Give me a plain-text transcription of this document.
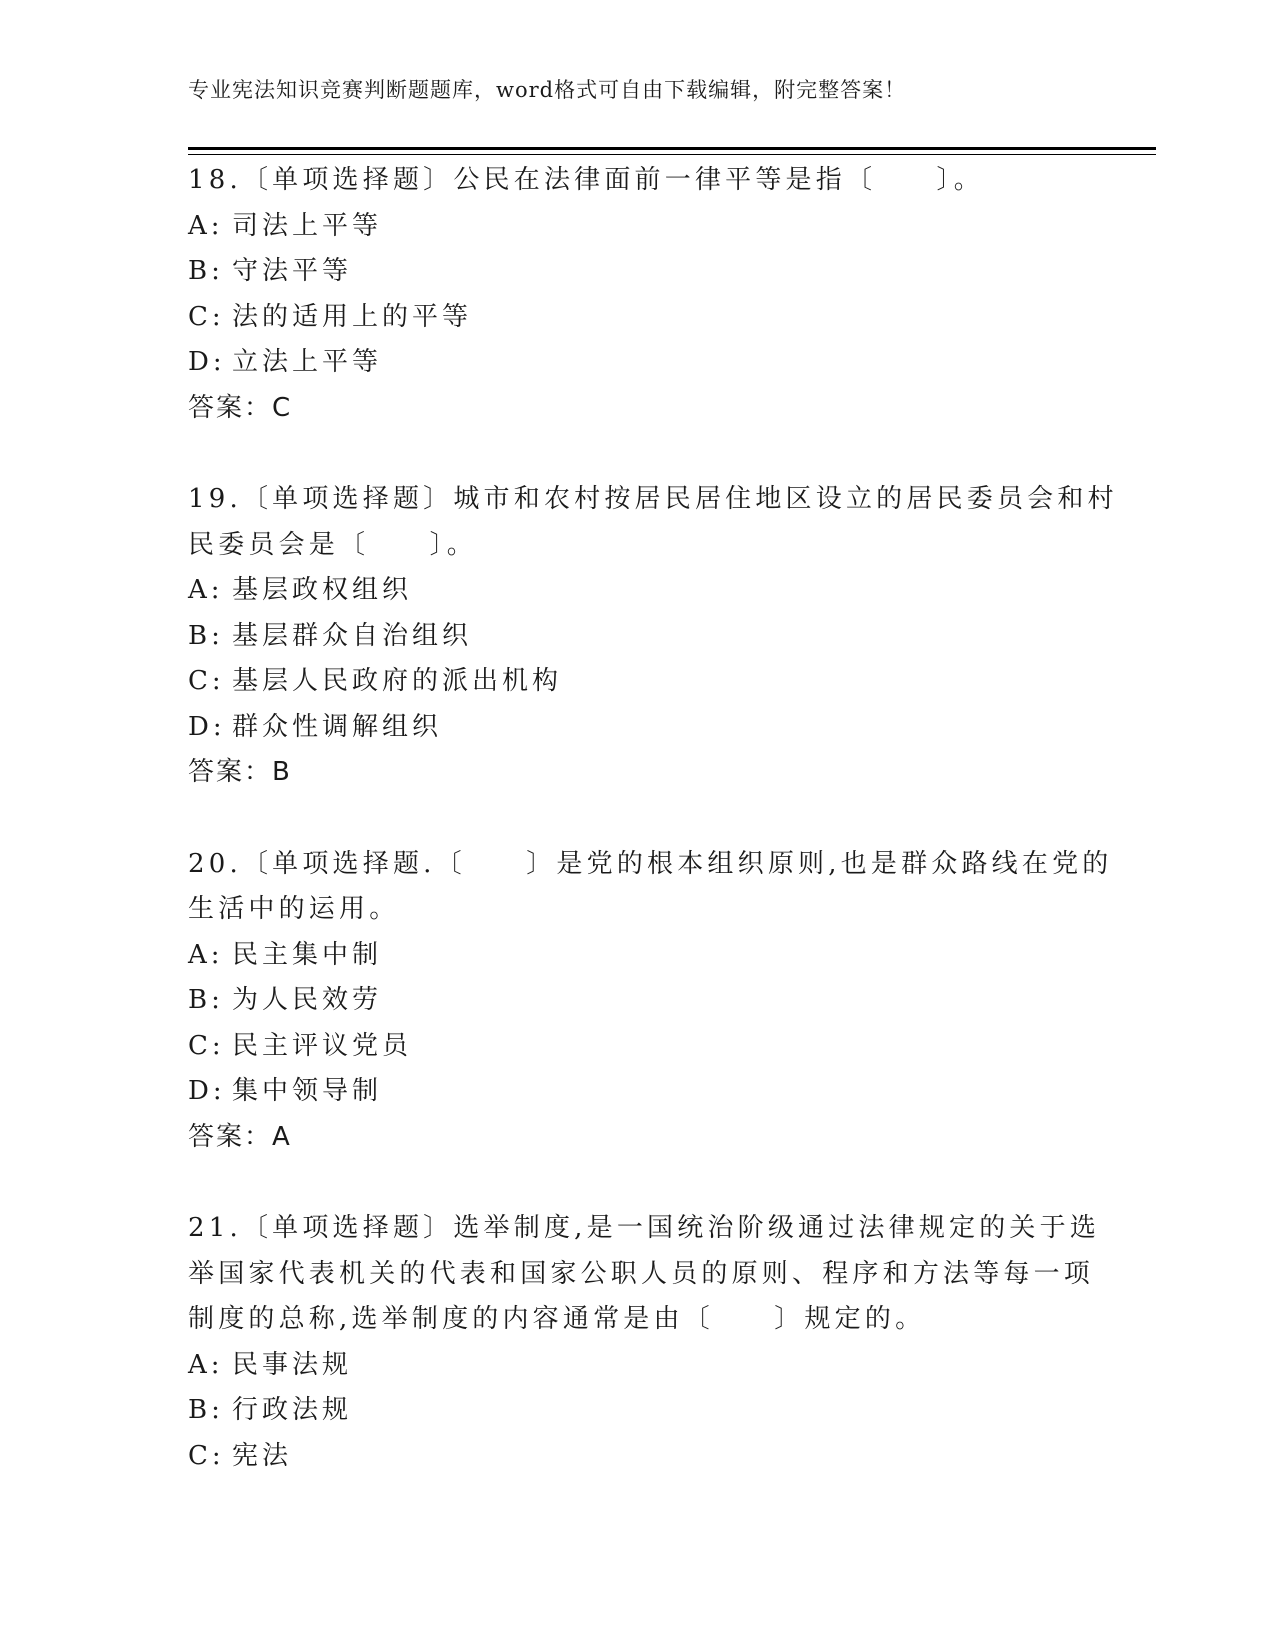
专业宪法知识竞赛判断题题库，word格式可自由下载编辑，附完整答案！
18.〔单项选择题〕公民在法律面前一律平等是指〔　　〕。
A: 司法上平等
B: 守法平等
C: 法的适用上的平等
D: 立法上平等
答案：C
19.〔单项选择题〕城市和农村按居民居住地区设立的居民委员会和村
民委员会是〔　　〕。
A: 基层政权组织
B: 基层群众自治组织
C: 基层人民政府的派出机构
D: 群众性调解组织
答案：B
20.〔单项选择题.〔　　〕是党的根本组织原则,也是群众路线在党的
生活中的运用。
A: 民主集中制
B: 为人民效劳
C: 民主评议党员
D: 集中领导制
答案：A
21.〔单项选择题〕选举制度,是一国统治阶级通过法律规定的关于选
举国家代表机关的代表和国家公职人员的原则、程序和方法等每一项
制度的总称,选举制度的内容通常是由〔　　〕规定的。
A: 民事法规
B: 行政法规
C: 宪法
